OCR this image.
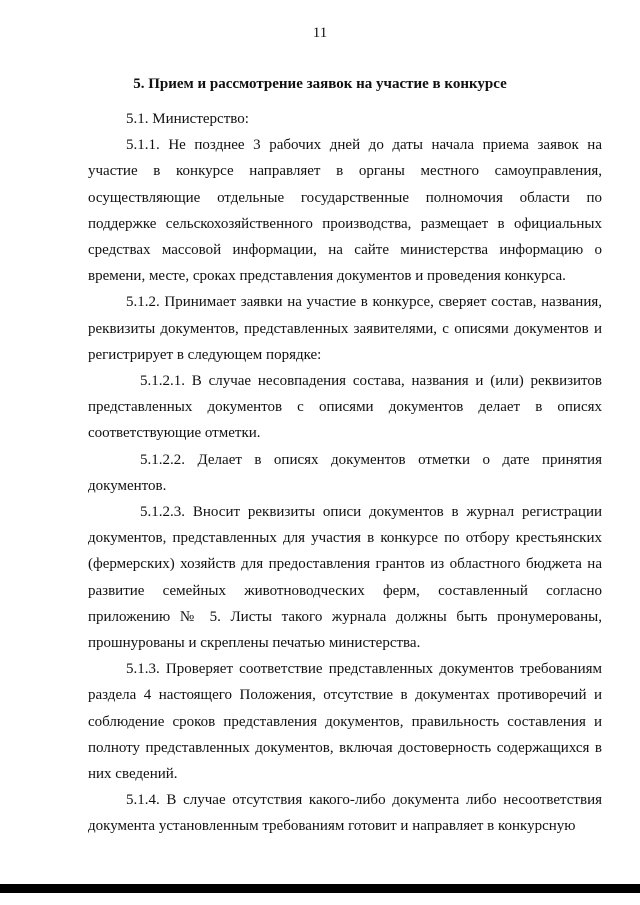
11
5. Прием и рассмотрение заявок на участие в конкурсе

5.1. Министерство:

5.1.1. Не позднее 3 рабочих дней до даты начала приема заявок на участие в конкурсе направляет в органы местного самоуправления, осуществляющие отдельные государственные полномочия области по поддержке сельскохозяйственного производства, размещает в официальных средствах массовой информации, на сайте министерства информацию о времени, месте, сроках представления документов и проведения конкурса.

5.1.2. Принимает заявки на участие в конкурсе, сверяет состав, названия, реквизиты документов, представленных заявителями, с описями документов и регистрирует в следующем порядке:

5.1.2.1. В случае несовпадения состава, названия и (или) реквизитов представленных документов с описями документов делает в описях соответствующие отметки.

5.1.2.2. Делает в описях документов отметки о дате принятия документов.

5.1.2.3. Вносит реквизиты описи документов в журнал регистрации документов, представленных для участия в конкурсе по отбору крестьянских (фермерских) хозяйств для предоставления грантов из областного бюджета на развитие семейных животноводческих ферм, составленный согласно приложению № 5. Листы такого журнала должны быть пронумерованы, прошнурованы и скреплены печатью министерства.

5.1.3. Проверяет соответствие представленных документов требованиям раздела 4 настоящего Положения, отсутствие в документах противоречий и соблюдение сроков представления документов, правильность составления и полноту представленных документов, включая достоверность содержащихся в них сведений.

5.1.4. В случае отсутствия какого-либо документа либо несоответствия документа установленным требованиям готовит и направляет в конкурсную
